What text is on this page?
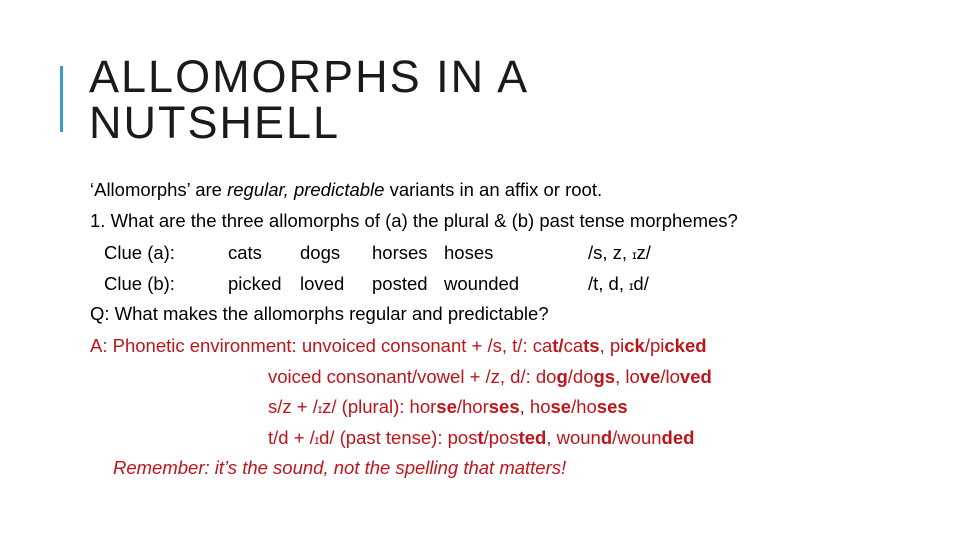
ALLOMORPHS IN A
NUTSHELL
‘Allomorphs’ are regular, predictable variants in an affix or root.
1. What are the three allomorphs of (a) the plural & (b) past tense morphemes?
Clue (a):	cats dogs horses hoses	/s, z, ɪz/
Clue (b):	picked loved posted wounded	/t, d, ɪd/
Q: What makes the allomorphs regular and predictable?
A: Phonetic environment: unvoiced consonant + /s, t/: cat/cats, pick/picked
voiced consonant/vowel + /z, d/: dog/dogs, love/loved
s/z + /ɪz/ (plural): horse/horses, hose/hoses
t/d + /ɪd/ (past tense): post/posted, wound/wounded
Remember: it’s the sound, not the spelling that matters!
